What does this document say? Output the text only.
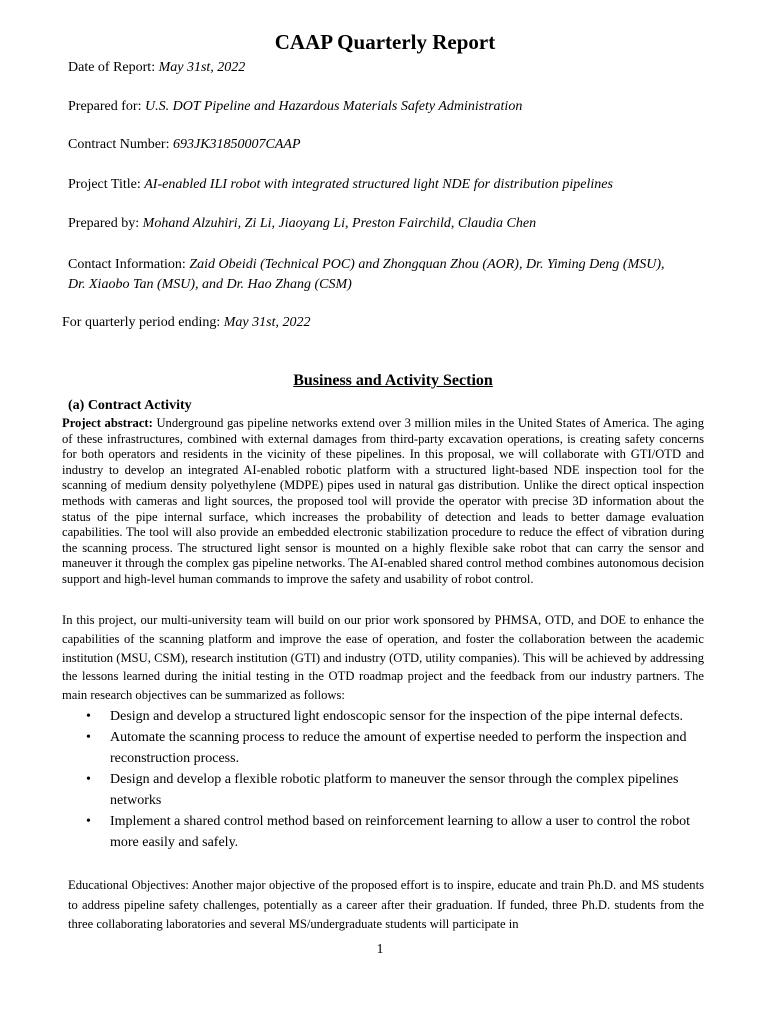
CAAP Quarterly Report
Date of Report: May 31st, 2022
Prepared for: U.S. DOT Pipeline and Hazardous Materials Safety Administration
Contract Number: 693JK31850007CAAP
Project Title: AI-enabled ILI robot with integrated structured light NDE for distribution pipelines
Prepared by: Mohand Alzuhiri, Zi Li, Jiaoyang Li, Preston Fairchild, Claudia Chen
Contact Information: Zaid Obeidi (Technical POC) and Zhongquan Zhou (AOR), Dr. Yiming Deng (MSU),
Dr. Xiaobo Tan (MSU), and Dr. Hao Zhang (CSM)
For quarterly period ending: May 31st, 2022
Business and Activity Section
(a) Contract Activity

Project abstract: Underground gas pipeline networks extend over 3 million miles in the United States of America. The aging of these infrastructures, combined with external damages from third-party excavation operations, is creating safety concerns for both operators and residents in the vicinity of these pipelines. In this proposal, we will collaborate with GTI/OTD and industry to develop an integrated AI-enabled robotic platform with a structured light-based NDE inspection tool for the scanning of medium density polyethylene (MDPE) pipes used in natural gas distribution. Unlike the direct optical inspection methods with cameras and light sources, the proposed tool will provide the operator with precise 3D information about the status of the pipe internal surface, which increases the probability of detection and leads to better damage evaluation capabilities. The tool will also provide an embedded electronic stabilization procedure to reduce the effect of vibration during the scanning process. The structured light sensor is mounted on a highly flexible sake robot that can carry the sensor and maneuver it through the complex gas pipeline networks. The AI-enabled shared control method combines autonomous decision support and high-level human commands to improve the safety and usability of robot control.

In this project, our multi-university team will build on our prior work sponsored by PHMSA, OTD, and DOE to enhance the capabilities of the scanning platform and improve the ease of operation, and foster the collaboration between the academic institution (MSU, CSM), research institution (GTI) and industry (OTD, utility companies). This will be achieved by addressing the lessons learned during the initial testing in the OTD roadmap project and the feedback from our industry partners. The main research objectives can be summarized as follows:

• Design and develop a structured light endoscopic sensor for the inspection of the pipe internal defects.
• Automate the scanning process to reduce the amount of expertise needed to perform the inspection and reconstruction process.
• Design and develop a flexible robotic platform to maneuver the sensor through the complex pipelines networks
• Implement a shared control method based on reinforcement learning to allow a user to control the robot more easily and safely.

Educational Objectives: Another major objective of the proposed effort is to inspire, educate and train Ph.D. and MS students to address pipeline safety challenges, potentially as a career after their graduation. If funded, three Ph.D. students from the three collaborating laboratories and several MS/undergraduate students will participate in

1
